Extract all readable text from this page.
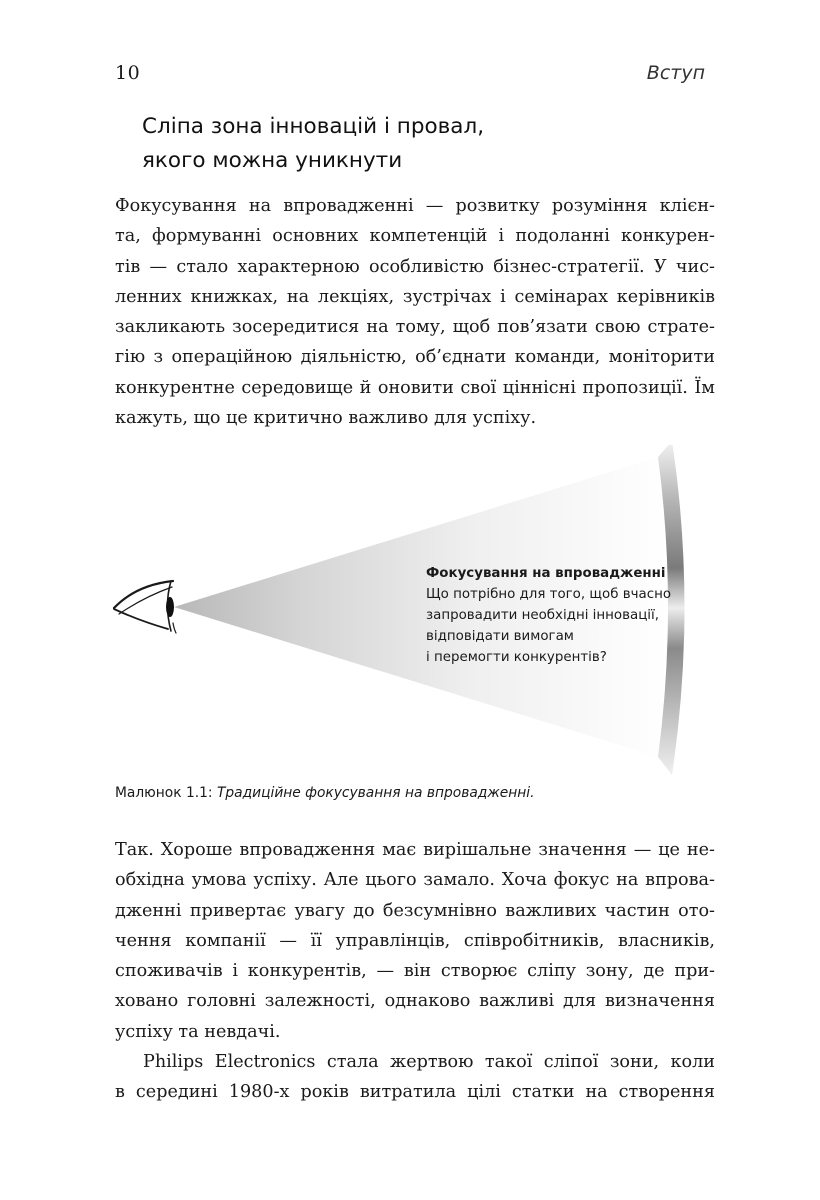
10	Вступ
Сліпа зона інновацій і провал,
якого можна уникнути
Фокусування на впровадженні — розвитку розуміння клієн-
та, формуванні основних компетенцій і подоланні конкурен-
тів — стало характерною особливістю бізнес-стратегії. У чис-
ленних книжках, на лекціях, зустрічах і семінарах керівників
закликають зосередитися на тому, щоб пов’язати свою страте-
гію з операційною діяльністю, об’єднати команди, моніторити
конкурентне середовище й оновити свої ціннісні пропозиції. Їм
кажуть, що це критично важливо для успіху.
Фокусування на впровадженні
Що потрібно для того, щоб вчасно
запровадити необхідні інновації,
відповідати вимогам
і перемогти конкурентів?
Малюнок 1.1: Традиційне фокусування на впровадженні.
Так. Хороше впровадження має вирішальне значення — це не-
обхідна умова успіху. Але цього замало. Хоча фокус на впрова-
дженні привертає увагу до безсумнівно важливих частин ото-
чення компанії — її управлінців, співробітників, власників,
споживачів і конкурентів, — він створює сліпу зону, де при-
ховано головні залежності, однаково важливі для визначення
успіху та невдачі.
Philips Electronics стала жертвою такої сліпої зони, коли
в середині 1980-х років витратила цілі статки на створення
